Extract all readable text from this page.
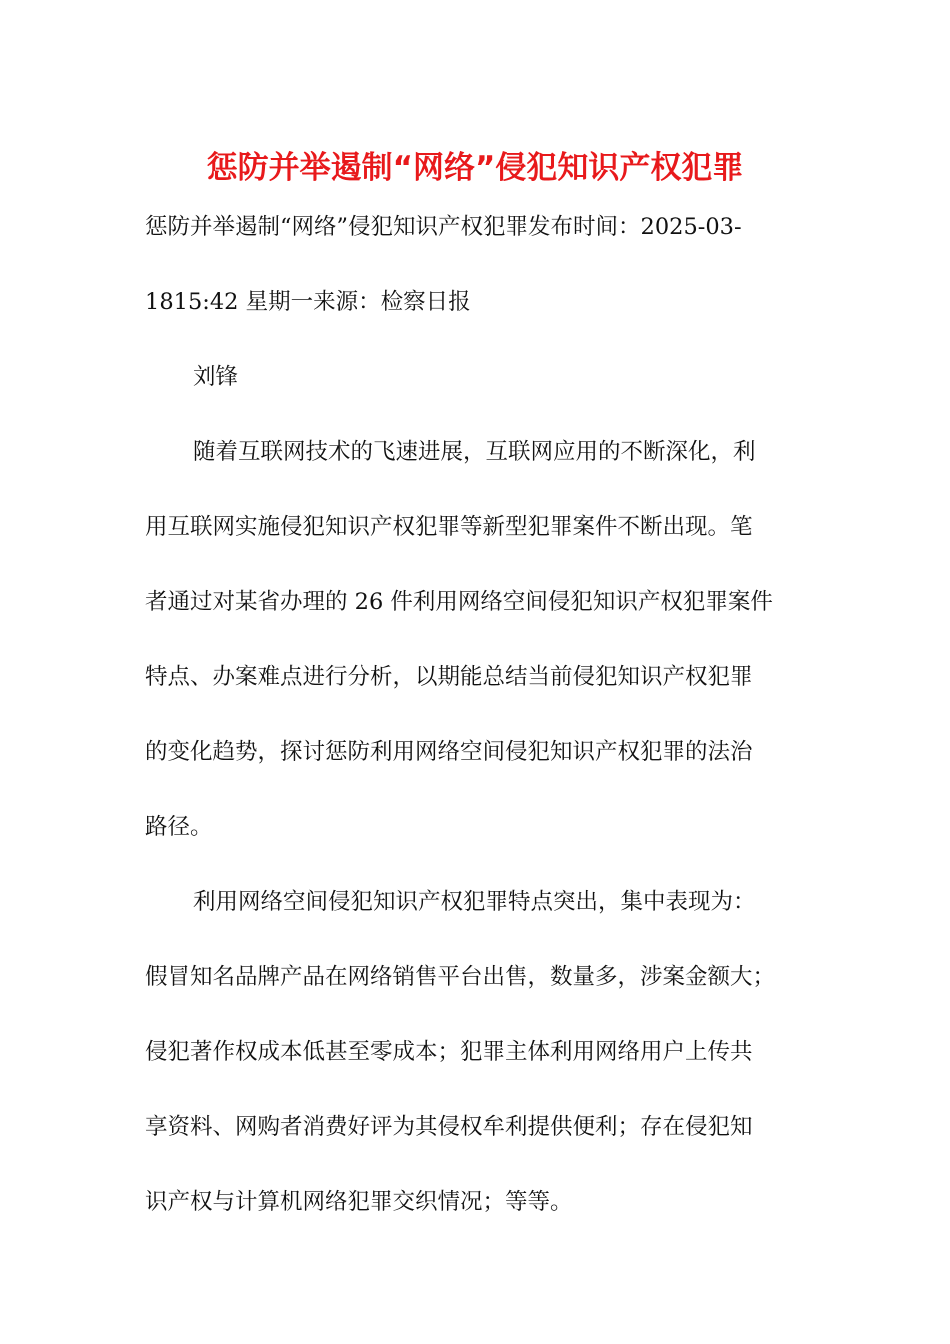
惩防并举遏制“网络”侵犯知识产权犯罪
惩防并举遏制“网络”侵犯知识产权犯罪发布时间：2025-03-
1815:42 星期一来源：检察日报
刘锋
随着互联网技术的飞速进展，互联网应用的不断深化，利
用互联网实施侵犯知识产权犯罪等新型犯罪案件不断出现。笔
者通过对某省办理的 26 件利用网络空间侵犯知识产权犯罪案件
特点、办案难点进行分析，以期能总结当前侵犯知识产权犯罪
的变化趋势，探讨惩防利用网络空间侵犯知识产权犯罪的法治
路径。
利用网络空间侵犯知识产权犯罪特点突出，集中表现为：
假冒知名品牌产品在网络销售平台出售，数量多，涉案金额大；
侵犯著作权成本低甚至零成本；犯罪主体利用网络用户上传共
享资料、网购者消费好评为其侵权牟利提供便利；存在侵犯知
识产权与计算机网络犯罪交织情况；等等。
